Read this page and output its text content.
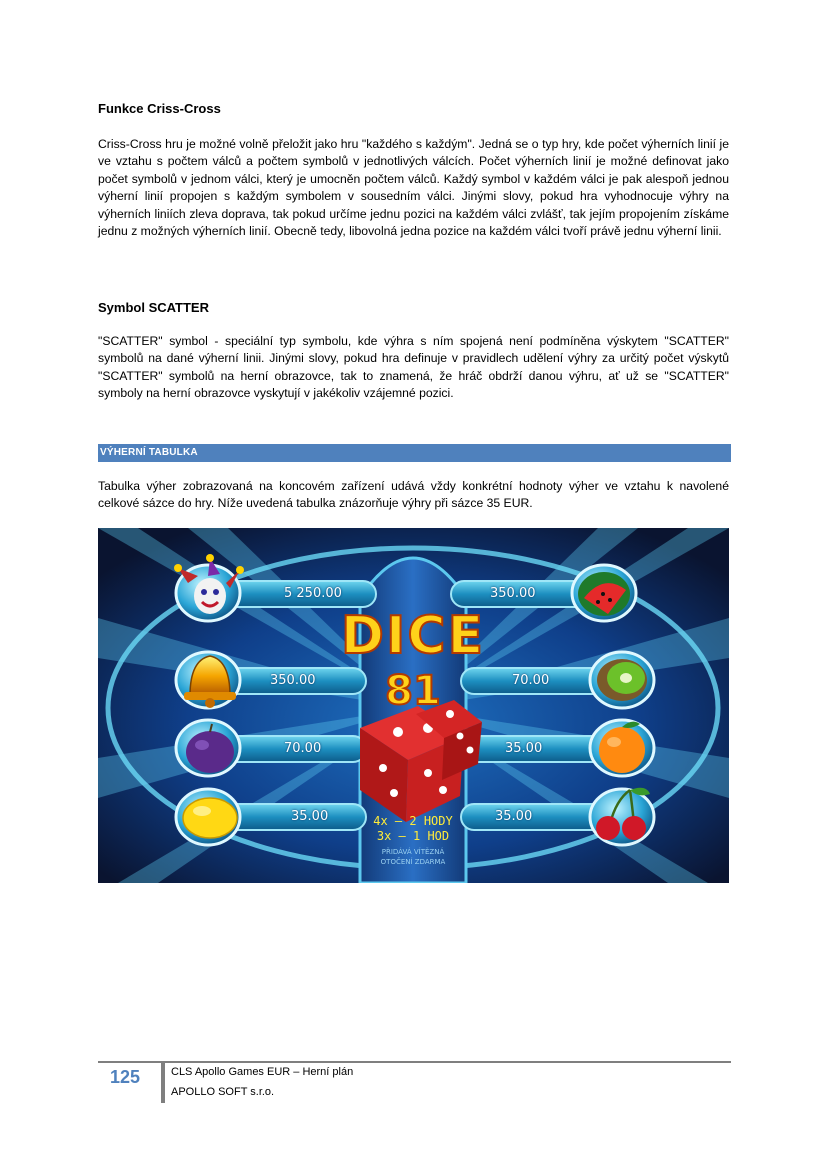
Funkce Criss-Cross

Criss-Cross hru je možné volně přeložit jako hru "každého s každým". Jedná se o typ hry, kde počet výherních linií je ve vztahu s počtem válců a počtem symbolů v jednotlivých válcích. Počet výherních linií je možné definovat jako počet symbolů v jednom válci, který je umocněn počtem válců. Každý symbol v každém válci je pak alespoň jednou výherní linií propojen s každým symbolem v sousedním válci. Jinými slovy, pokud hra vyhodnocuje výhry na výherních liniích zleva doprava, tak pokud určíme jednu pozici na každém válci zvlášť, tak jejím propojením získáme jednu z možných výherních linií. Obecně tedy, libovolná jedna pozice na každém válci tvoří právě jednu výherní linii.

Symbol SCATTER

"SCATTER" symbol - speciální typ symbolu, kde výhra s ním spojená není podmíněna výskytem "SCATTER" symbolů na dané výherní linii. Jinými slovy, pokud hra definuje v pravidlech udělení výhry za určitý počet výskytů "SCATTER" symbolů na herní obrazovce, tak to znamená, že hráč obdrží danou výhru, ať už se "SCATTER" symboly na herní obrazovce vyskytují v jakékoliv vzájemné pozici.

VÝHERNÍ TABULKA

Tabulka výher zobrazovaná na koncovém zařízení udává vždy konkrétní hodnoty výher ve vztahu k navolené celkové sázce do hry. Níže uvedená tabulka znázorňuje výhry při sázce 35 EUR.

DICE
81
5 250.00
350.00
70.00
35.00
350.00
70.00
35.00
35.00
4x — 2 HODY
3x — 1 HOD
PŘIDÁVÁ VÍTĚZNÁ
OTOČENÍ ZDARMA
125	CLS Apollo Games EUR – Herní plán
APOLLO SOFT s.r.o.
